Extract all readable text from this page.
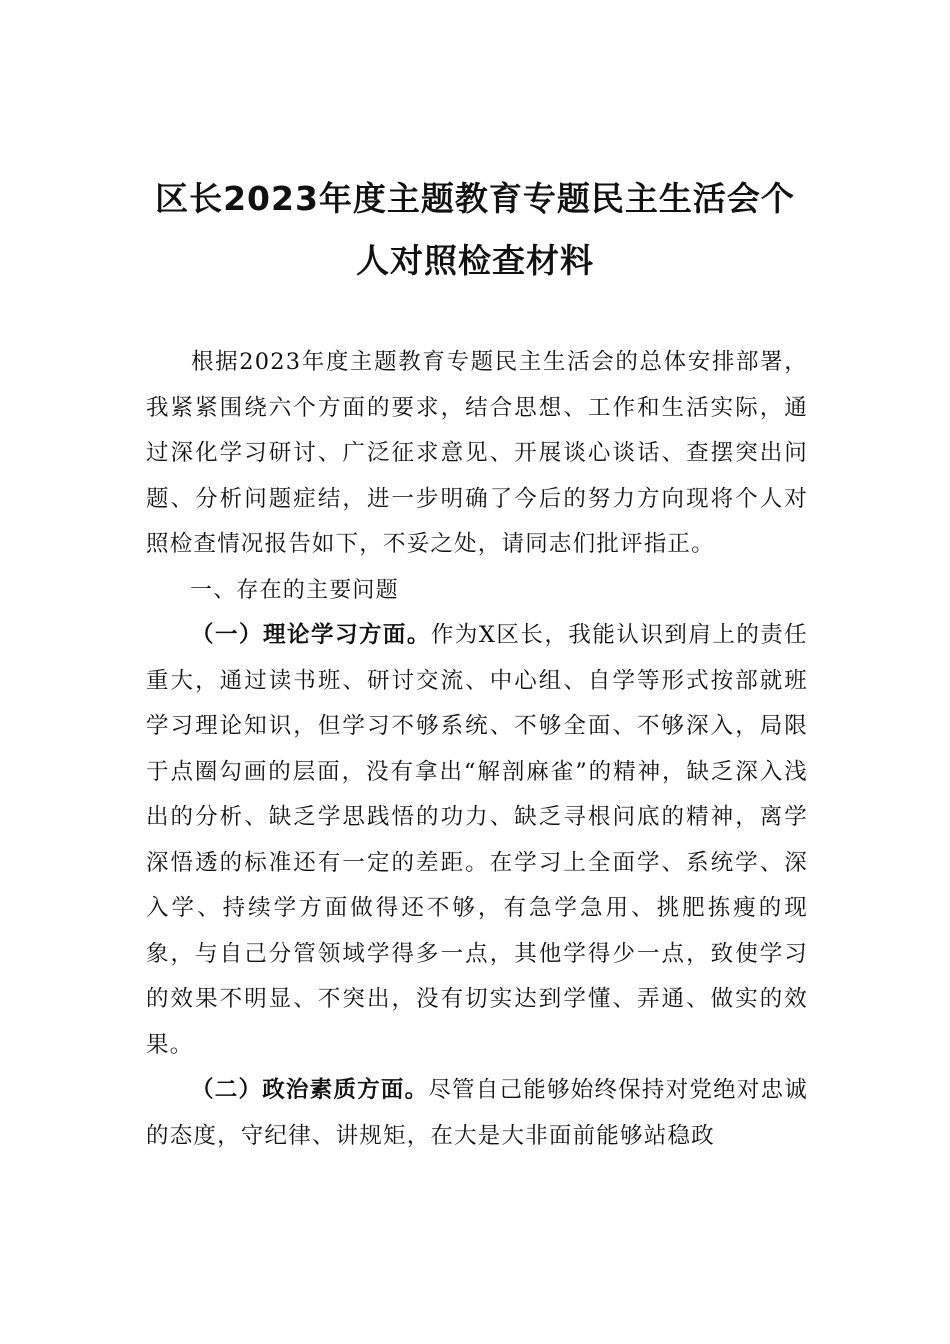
区长2023年度主题教育专题民主生活会个
人对照检查材料

根据2023年度主题教育专题民主生活会的总体安排部署，我紧紧围绕六个方面的要求，结合思想、工作和生活实际，通过深化学习研讨、广泛征求意见、开展谈心谈话、查摆突出问题、分析问题症结，进一步明确了今后的努力方向现将个人对照检查情况报告如下，不妥之处，请同志们批评指正。

一、存在的主要问题

（一）理论学习方面。作为X区长，我能认识到肩上的责任重大，通过读书班、研讨交流、中心组、自学等形式按部就班学习理论知识，但学习不够系统、不够全面、不够深入，局限于点圈勾画的层面，没有拿出“解剖麻雀”的精神，缺乏深入浅出的分析、缺乏学思践悟的功力、缺乏寻根问底的精神，离学深悟透的标准还有一定的差距。在学习上全面学、系统学、深入学、持续学方面做得还不够，有急学急用、挑肥拣瘦的现象，与自己分管领域学得多一点，其他学得少一点，致使学习的效果不明显、不突出，没有切实达到学懂、弄通、做实的效果。

（二）政治素质方面。尽管自己能够始终保持对党绝对忠诚的态度，守纪律、讲规矩，在大是大非面前能够站稳政
